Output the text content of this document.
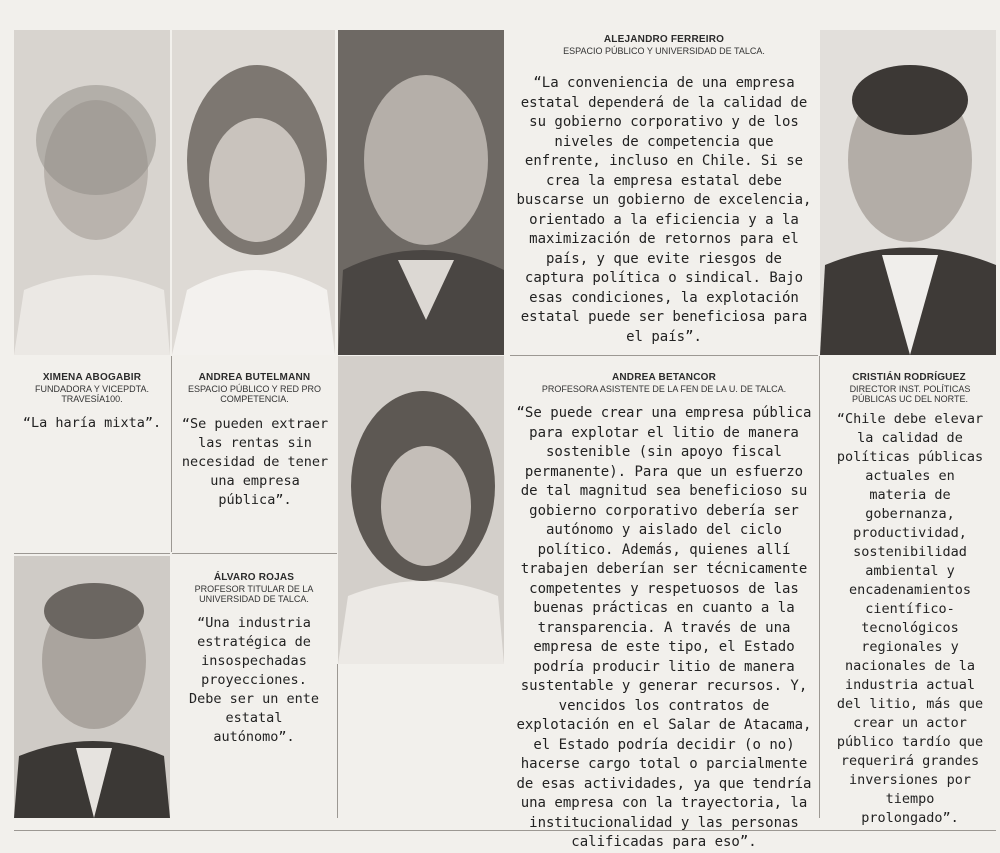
XIMENA ABOGABIR
FUNDADORA Y VICEPDTA. TRAVESÍA100.
“La haría mixta”.
ANDREA BUTELMANN
ESPACIO PÚBLICO Y RED PRO COMPETENCIA.
“Se pueden extraer las rentas sin necesidad de tener una empresa pública”.
ALEJANDRO FERREIRO
ESPACIO PÚBLICO Y UNIVERSIDAD DE TALCA.
“La conveniencia de una empresa estatal dependerá de la calidad de su gobierno corporativo y de los niveles de competencia que enfrente, incluso en Chile. Si se crea la empresa estatal debe buscarse un gobierno de excelencia, orientado a la eficiencia y a la maximización de retornos para el país, y que evite riesgos de captura política o sindical. Bajo esas condiciones, la explotación estatal puede ser beneficiosa para el país”.
CRISTIÁN RODRÍGUEZ
DIRECTOR INST. POLÍTICAS PÚBLICAS UC DEL NORTE.
“Chile debe elevar la calidad de políticas públicas actuales en materia de gobernanza, productividad, sostenibilidad ambiental y encadenamientos científico-tecnológicos regionales y nacionales de la industria actual del litio, más que crear un actor público tardío que requerirá grandes inversiones por tiempo prolongado”.
ANDREA BETANCOR
PROFESORA ASISTENTE DE LA FEN DE LA U. DE TALCA.
“Se puede crear una empresa pública para explotar el litio de manera sostenible (sin apoyo fiscal permanente). Para que un esfuerzo de tal magnitud sea beneficioso su gobierno corporativo debería ser autónomo y aislado del ciclo político. Además, quienes allí trabajen deberían ser técnicamente competentes y respetuosos de las buenas prácticas en cuanto a la transparencia. A través de una empresa de este tipo, el Estado podría producir litio de manera sustentable y generar recursos. Y, vencidos los contratos de explotación en el Salar de Atacama, el Estado podría decidir (o no) hacerse cargo total o parcialmente de esas actividades, ya que tendría una empresa con la trayectoria, la institucionalidad y las personas calificadas para eso”.
ÁLVARO ROJAS
PROFESOR TITULAR DE LA UNIVERSIDAD DE TALCA.
“Una industria estratégica de insospechadas proyecciones. Debe ser un ente estatal autónomo”.
